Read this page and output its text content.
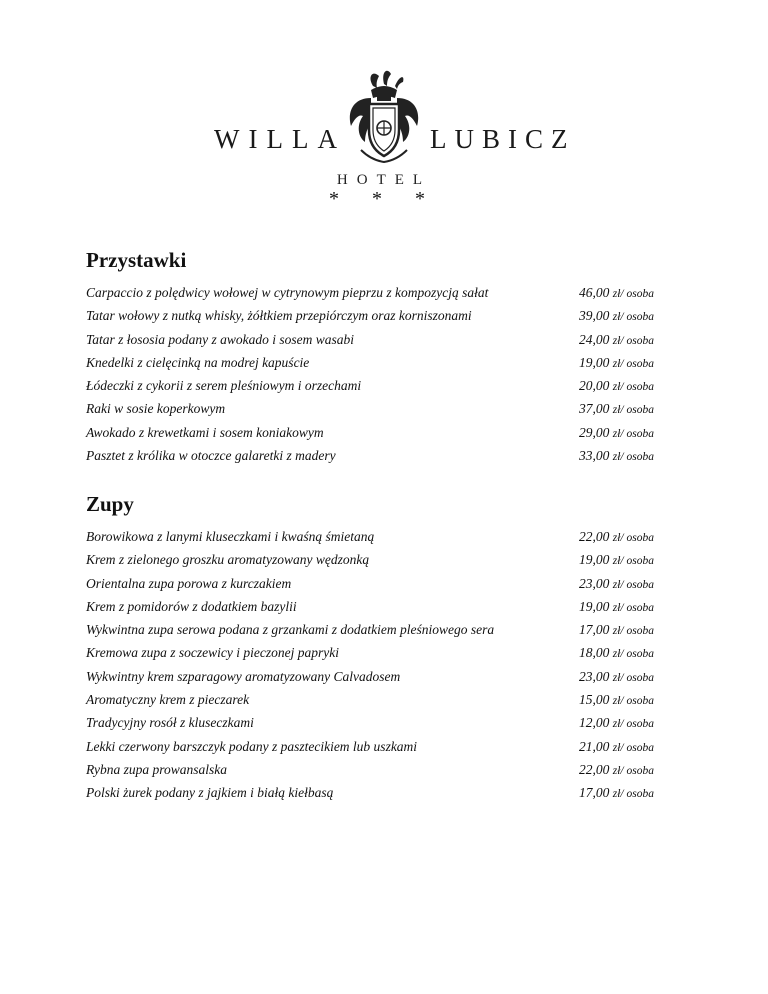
WILLA	LUBICZ
HOTEL
* * *
Przystawki
Carpaccio z polędwicy wołowej w cytrynowym pieprzu z kompozycją sałat	46,00 zł/ osoba
Tatar wołowy z nutką whisky, żółtkiem przepiórczym oraz korniszonami	39,00 zł/ osoba
Tatar z łososia podany z awokado i sosem wasabi	24,00 zł/ osoba
Knedelki z cielęcinką na modrej kapuście	19,00 zł/ osoba
Łódeczki z cykorii z serem pleśniowym i orzechami	20,00 zł/ osoba
Raki w sosie koperkowym	37,00 zł/ osoba
Awokado z krewetkami i sosem koniakowym	29,00 zł/ osoba
Pasztet z królika w otoczce galaretki z madery	33,00 zł/ osoba
Zupy
Borowikowa z lanymi kluseczkami i kwaśną śmietaną	22,00 zł/ osoba
Krem z zielonego groszku aromatyzowany wędzonką	19,00 zł/ osoba
Orientalna zupa porowa z kurczakiem	23,00 zł/ osoba
Krem z pomidorów z dodatkiem bazylii	19,00 zł/ osoba
Wykwintna zupa serowa podana z grzankami z dodatkiem pleśniowego sera	17,00 zł/ osoba
Kremowa zupa z soczewicy i pieczonej papryki	18,00 zł/ osoba
Wykwintny krem szparagowy aromatyzowany Calvadosem	23,00 zł/ osoba
Aromatyczny krem z pieczarek	15,00 zł/ osoba
Tradycyjny rosół z kluseczkami	12,00 zł/ osoba
Lekki czerwony barszczyk podany z pasztecikiem lub uszkami	21,00 zł/ osoba
Rybna zupa prowansalska	22,00 zł/ osoba
Polski żurek podany z jajkiem i białą kiełbasą	17,00 zł/ osoba
